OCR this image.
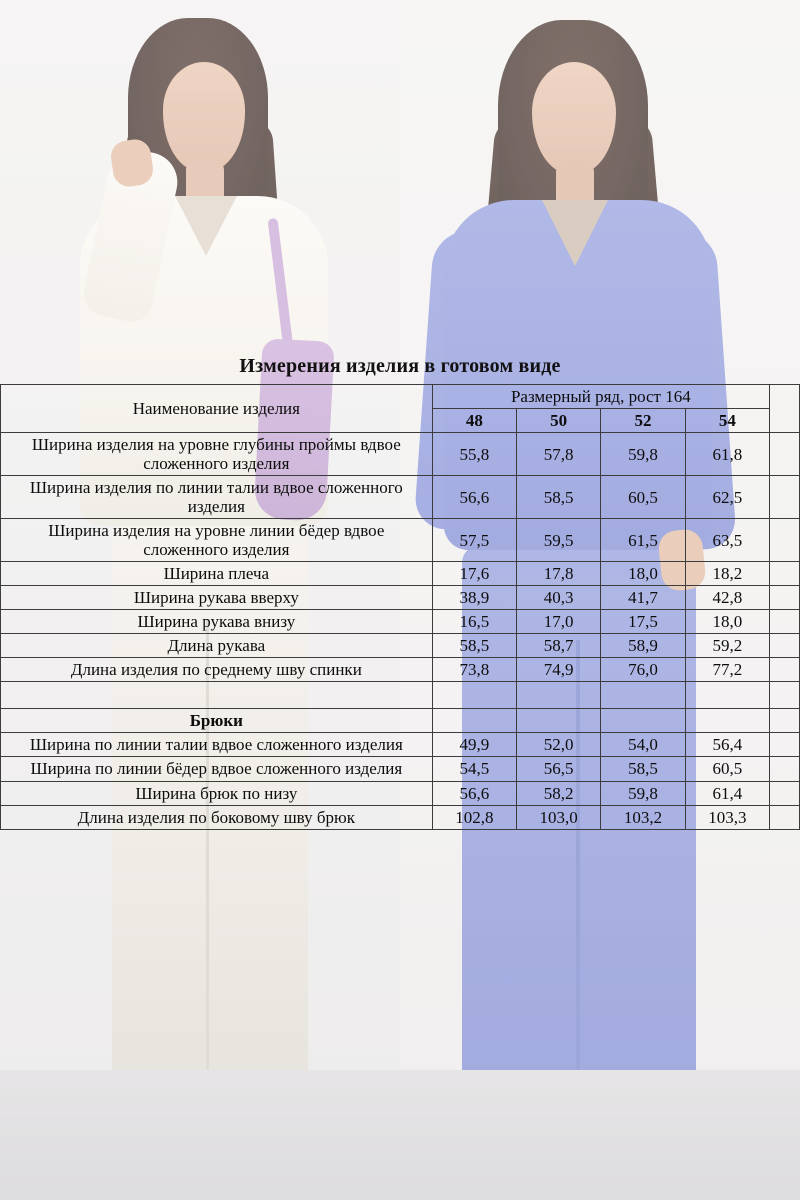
Измерения изделия в готовом виде
Наименование изделия	Размерный ряд, рост 164				
	48	50	52	54	
Ширина изделия на уровне глубины проймы вдвое сложенного изделия	55,8	57,8	59,8	61,8	
Ширина изделия по линии талии вдвое сложенного изделия	56,6	58,5	60,5	62,5	
Ширина изделия на уровне линии бёдер вдвое сложенного изделия	57,5	59,5	61,5	63,5	
Ширина плеча	17,6	17,8	18,0	18,2	
Ширина рукава вверху	38,9	40,3	41,7	42,8	
Ширина рукава внизу	16,5	17,0	17,5	18,0	
Длина рукава	58,5	58,7	58,9	59,2	
Длина изделия по среднему шву спинки	73,8	74,9	76,0	77,2	

Брюки					
Ширина по линии талии вдвое сложенного изделия	49,9	52,0	54,0	56,4	
Ширина по линии бёдер вдвое сложенного изделия	54,5	56,5	58,5	60,5	
Ширина брюк по низу	56,6	58,2	59,8	61,4	
Длина изделия по боковому шву брюк	102,8	103,0	103,2	103,3	
